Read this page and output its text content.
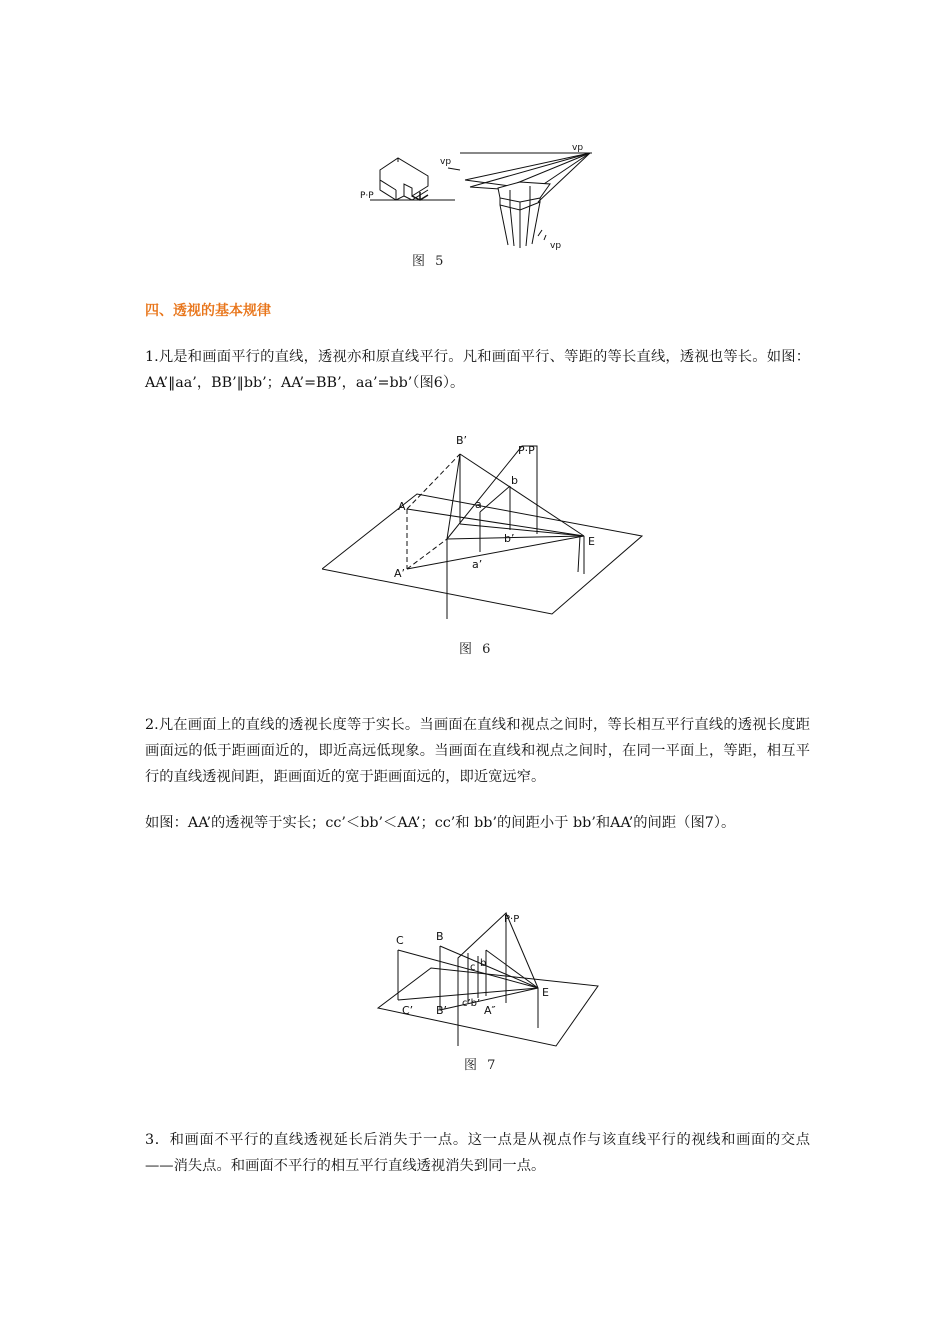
vp
vp
vp
P·P
图 5
四、透视的基本规律
1.凡是和画面平行的直线，透视亦和原直线平行。凡和画面平行、等距的等长直线，透视也等长。如图：AA’‖aa’，BB’‖bb’；AA’=BB’，aa’=bb’（图6）。
B’
P·P
A	a
b
b’	E
A’
a’
图 6
2.凡在画面上的直线的透视长度等于实长。当画面在直线和视点之间时，等长相互平行直线的透视长度距画面远的低于距画面近的，即近高远低现象。当画面在直线和视点之间时，在同一平面上，等距，相互平行的直线透视间距，距画面近的宽于距画面远的，即近宽远窄。
如图：AA’的透视等于实长；cc’＜bb’＜AA’；cc’和 bb’的间距小于 bb’和AA’的间距（图7）。
C	B
P·P
c b
E
C’ B’
c’b’
A″
图 7
3．和画面不平行的直线透视延长后消失于一点。这一点是从视点作与该直线平行的视线和画面的交点——消失点。和画面不平行的相互平行直线透视消失到同一点。
